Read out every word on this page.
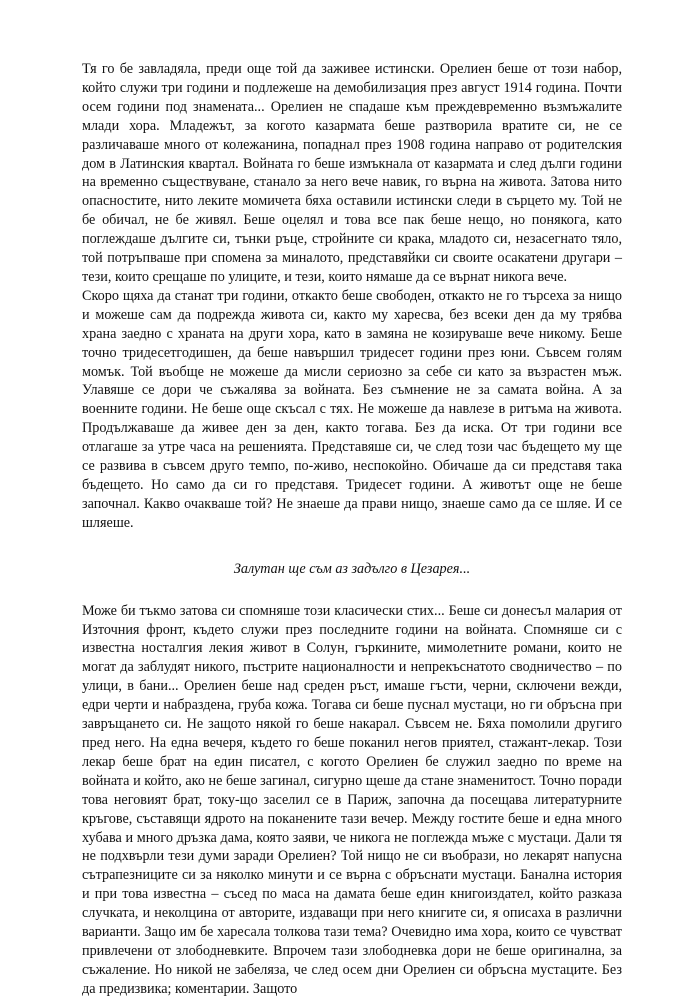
Тя го бе завладяла, преди още той да заживее истински. Орелиен беше от този набор, който служи три години и подлежеше на демобилизация през август 1914 година. Почти осем години под знамената... Орелиен не спадаше към преждевременно възмъжалите млади хора. Младежът, за когото казармата беше разтворила вратите си, не се различаваше много от колежанина, попаднал през 1908 година направо от родителския дом в Латинския квартал. Войната го беше измъкнала от казармата и след дълги години на временно съществуване, станало за него вече навик, го върна на живота. Затова нито опасностите, нито леките момичета бяха оставили истински следи в сърцето му. Той не бе обичал, не бе живял. Беше оцелял и това все пак беше нещо, но понякога, като поглеждаше дългите си, тънки ръце, стройните си крака, младото си, незасегнато тяло, той потръпваше при спомена за миналото, представяйки си своите осакатени другари – тези, които срещаше по улиците, и тези, които нямаше да се върнат никога вече.

Скоро щяха да станат три години, откакто беше свободен, откакто не го търсеха за нищо и можеше сам да подрежда живота си, както му харесва, без всеки ден да му трябва храна заедно с храната на други хора, като в замяна не козируваше вече никому. Беше точно тридесетгодишен, да беше навършил тридесет години през юни. Съвсем голям момък. Той въобще не можеше да мисли сериозно за себе си като за възрастен мъж. Улавяше се дори че съжалява за войната. Без съмнение не за самата война. А за военните години. Не беше още скъсал с тях. Не можеше да навлезе в ритъма на живота. Продължаваше да живее ден за ден, както тогава. Без да иска. От три години все отлагаше за утре часа на решенията. Представяше си, че след този час бъдещето му ще се развива в съвсем друго темпо, по-живо, неспокойно. Обичаше да си представя така бъдещето. Но само да си го представя. Тридесет години. А животът още не беше започнал. Какво очакваше той? Не знаеше да прави нищо, знаеше само да се шляе. И се шляеше.

Залутан ще съм аз задълго в Цезарея...

Може би тъкмо затова си спомняше този класически стих... Беше си донесъл малария от Източния фронт, където служи през последните години на войната. Спомняше си с известна носталгия лекия живот в Солун, гъркините, мимолетните романи, които не могат да заблудят никого, пъстрите националности и непрекъснатото сводничество – по улици, в бани... Орелиен беше над среден ръст, имаше гъсти, черни, сключени вежди, едри черти и набраздена, груба кожа. Тогава си беше пуснал мустаци, но ги обръсна при завръщането си. Не защото някой го беше накарал. Съвсем не. Бяха помолили другиго пред него. На една вечеря, където го беше поканил негов приятел, стажант-лекар. Този лекар беше брат на един писател, с когото Орелиен бе служил заедно по време на войната и който, ако не беше загинал, сигурно щеше да стане знаменитост. Точно поради това неговият брат, току-що заселил се в Париж, започна да посещава литературните кръгове, съставящи ядрото на поканените тази вечер. Между гостите беше и една много хубава и много дръзка дама, която заяви, че никога не поглежда мъже с мустаци. Дали тя не подхвърли тези думи заради Орелиен? Той нищо не си въобрази, но лекарят напусна сътрапезниците си за няколко минути и се върна с обръснати мустаци. Банална история и при това известна – съсед по маса на дамата беше един книгоиздател, който разказа случката, и неколцина от авторите, издаващи при него книгите си, я описаха в различни варианти. Защо им бе харесала толкова тази тема? Очевидно има хора, които се чувстват привлечени от злободневките. Впрочем тази злободневка дори не беше оригинална, за съжаление. Но никой не забеляза, че след осем дни Орелиен си обръсна мустаците. Без да предизвика; коментарии. Защото
